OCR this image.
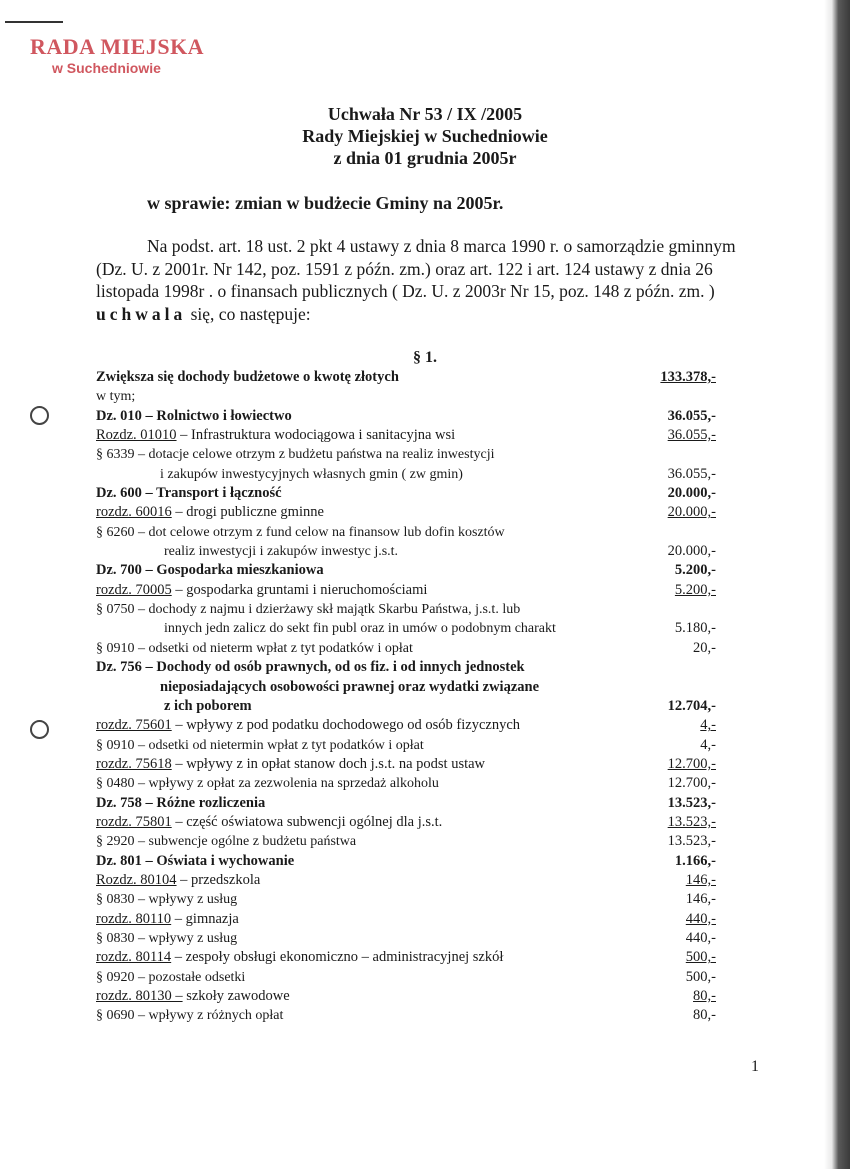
RADA MIEJSKA
w Suchedniowie
Uchwała Nr 53 / IX /2005
Rady Miejskiej w Suchedniowie
z dnia 01 grudnia 2005r
w sprawie: zmian w budżecie Gminy na 2005r.

Na podst. art. 18 ust. 2 pkt 4 ustawy z dnia 8 marca 1990 r. o samorządzie gminnym (Dz. U. z 2001r. Nr 142, poz. 1591 z późn. zm.) oraz art. 122 i art. 124 ustawy z dnia 26 listopada 1998r . o finansach publicznych ( Dz. U. z 2003r Nr 15, poz. 148 z późn. zm. ) uchwala się, co następuje:

§ 1.
Zwiększa się dochody budżetowe o kwotę złotych	133.378,-
w tym;
Dz. 010 – Rolnictwo i łowiectwo	36.055,-
Rozdz. 01010 – Infrastruktura wodociągowa i sanitacyjna wsi	36.055,-
§ 6339 – dotacje celowe otrzym z budżetu państwa na realiz inwestycji
i zakupów inwestycyjnych własnych gmin ( zw gmin)	36.055,-
Dz. 600 – Transport i łączność	20.000,-
rozdz. 60016 – drogi publiczne gminne	20.000,-
§ 6260 – dot celowe otrzym z fund celow na finansow lub dofin kosztów
realiz inwestycji i zakupów inwestyc j.s.t.	20.000,-
Dz. 700 – Gospodarka mieszkaniowa	5.200,-
rozdz. 70005 – gospodarka gruntami i nieruchomościami	5.200,-
§ 0750 – dochody z najmu i dzierżawy skł majątk Skarbu Państwa, j.s.t. lub
innych jedn zalicz do sekt fin publ oraz in umów o podobnym charakt	5.180,-
§ 0910 – odsetki od nieterm wpłat z tyt podatków i opłat	20,-
Dz. 756 – Dochody od osób prawnych, od os fiz. i od innych jednostek
nieposiadających osobowości prawnej oraz wydatki związane
z ich poborem	12.704,-
rozdz. 75601 – wpływy z pod podatku dochodowego od osób fizycznych	4,-
§ 0910 – odsetki od nietermin wpłat z tyt podatków i opłat	4,-
rozdz. 75618 – wpływy z in opłat stanow doch j.s.t. na podst ustaw	12.700,-
§ 0480 – wpływy z opłat za zezwolenia na sprzedaż alkoholu	12.700,-
Dz. 758 – Różne rozliczenia	13.523,-
rozdz. 75801 – część oświatowa subwencji ogólnej dla j.s.t.	13.523,-
§ 2920 – subwencje ogólne z budżetu państwa	13.523,-
Dz. 801 – Oświata i wychowanie	1.166,-
Rozdz. 80104 – przedszkola	146,-
§ 0830 – wpływy z usług	146,-
rozdz. 80110 – gimnazja	440,-
§ 0830 – wpływy z usług	440,-
rozdz. 80114 – zespoły obsługi ekonomiczno – administracyjnej szkół	500,-
§ 0920 – pozostałe odsetki	500,-
rozdz. 80130 – szkoły zawodowe	80,-
§ 0690 – wpływy z różnych opłat	80,-
1
